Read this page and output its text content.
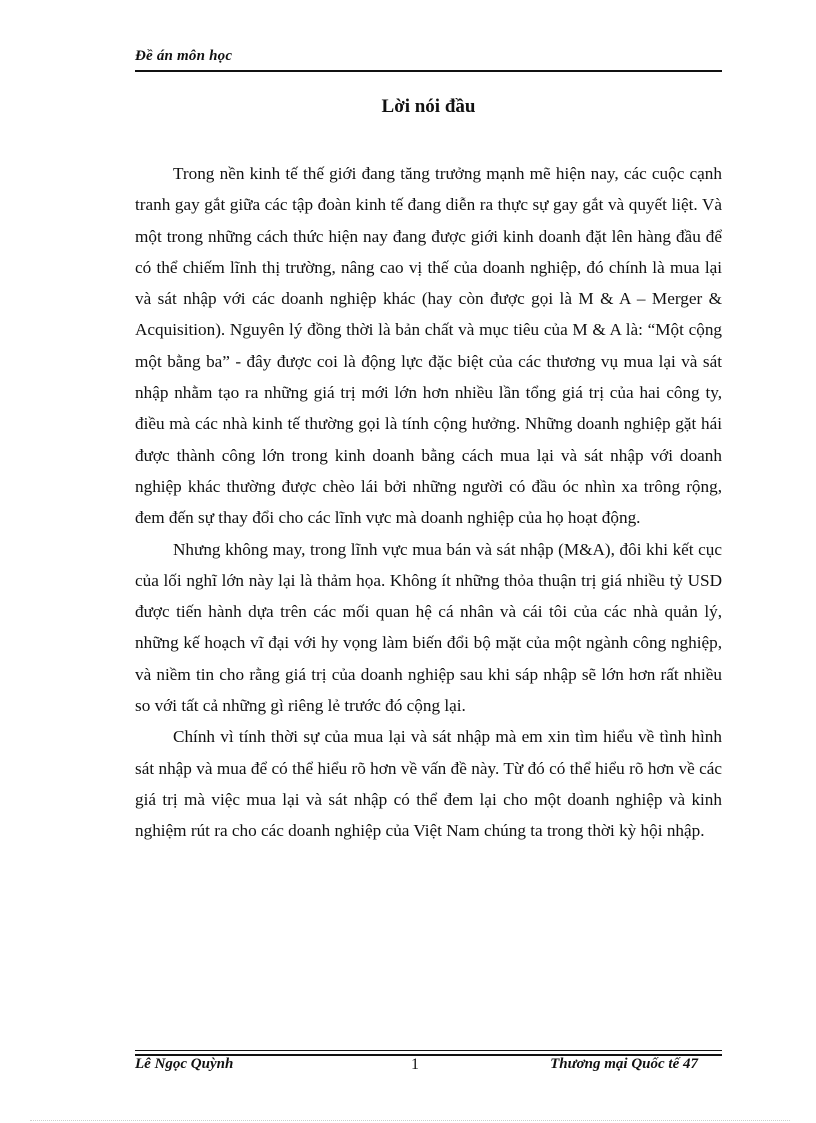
Đề án môn học
Lời nói đầu

Trong nền kinh tế thế giới đang tăng trưởng mạnh mẽ hiện nay, các cuộc cạnh tranh gay gắt giữa các tập đoàn kinh tế đang diễn ra thực sự gay gắt và quyết liệt. Và một trong những cách thức hiện nay đang được giới kinh doanh đặt lên hàng đầu để có thể chiếm lĩnh thị trường, nâng cao vị thế của doanh nghiệp, đó chính là mua lại và sát nhập với các doanh nghiệp khác (hay còn được gọi là M & A – Merger & Acquisition). Nguyên lý đồng thời là bản chất và mục tiêu của M & A là: “Một cộng một bằng ba” - đây được coi là động lực đặc biệt của các thương vụ mua lại và sát nhập nhằm tạo ra những giá trị mới lớn hơn nhiều lần tổng giá trị của hai công ty, điều mà các nhà kinh tế thường gọi là tính cộng hưởng. Những doanh nghiệp gặt hái được thành công lớn trong kinh doanh bằng cách mua lại và sát nhập với doanh nghiệp khác thường được chèo lái bởi những người có đầu óc nhìn xa trông rộng, đem đến sự thay đổi cho các lĩnh vực mà doanh nghiệp của họ hoạt động.

Nhưng không may, trong lĩnh vực mua bán và sát nhập (M&A), đôi khi kết cục của lối nghĩ lớn này lại là thảm họa. Không ít những thỏa thuận trị giá nhiều tỷ USD được tiến hành dựa trên các mối quan hệ cá nhân và cái tôi của các nhà quản lý, những kế hoạch vĩ đại với hy vọng làm biến đổi bộ mặt của một ngành công nghiệp, và niềm tin cho rằng giá trị của doanh nghiệp sau khi sáp nhập sẽ lớn hơn rất nhiều so với tất cả những gì riêng lẻ trước đó cộng lại.

Chính vì tính thời sự của mua lại và sát nhập mà em xin tìm hiểu về tình hình sát nhập và mua để có thể hiểu rõ hơn về vấn đề này. Từ đó có thể hiểu rõ hơn về các giá trị mà việc mua lại và sát nhập có thể đem lại cho một doanh nghiệp và kinh nghiệm rút ra cho các doanh nghiệp của Việt Nam chúng ta trong thời kỳ hội nhập.

Lê Ngọc Quỳnh	1	Thương mại Quốc tế 47
